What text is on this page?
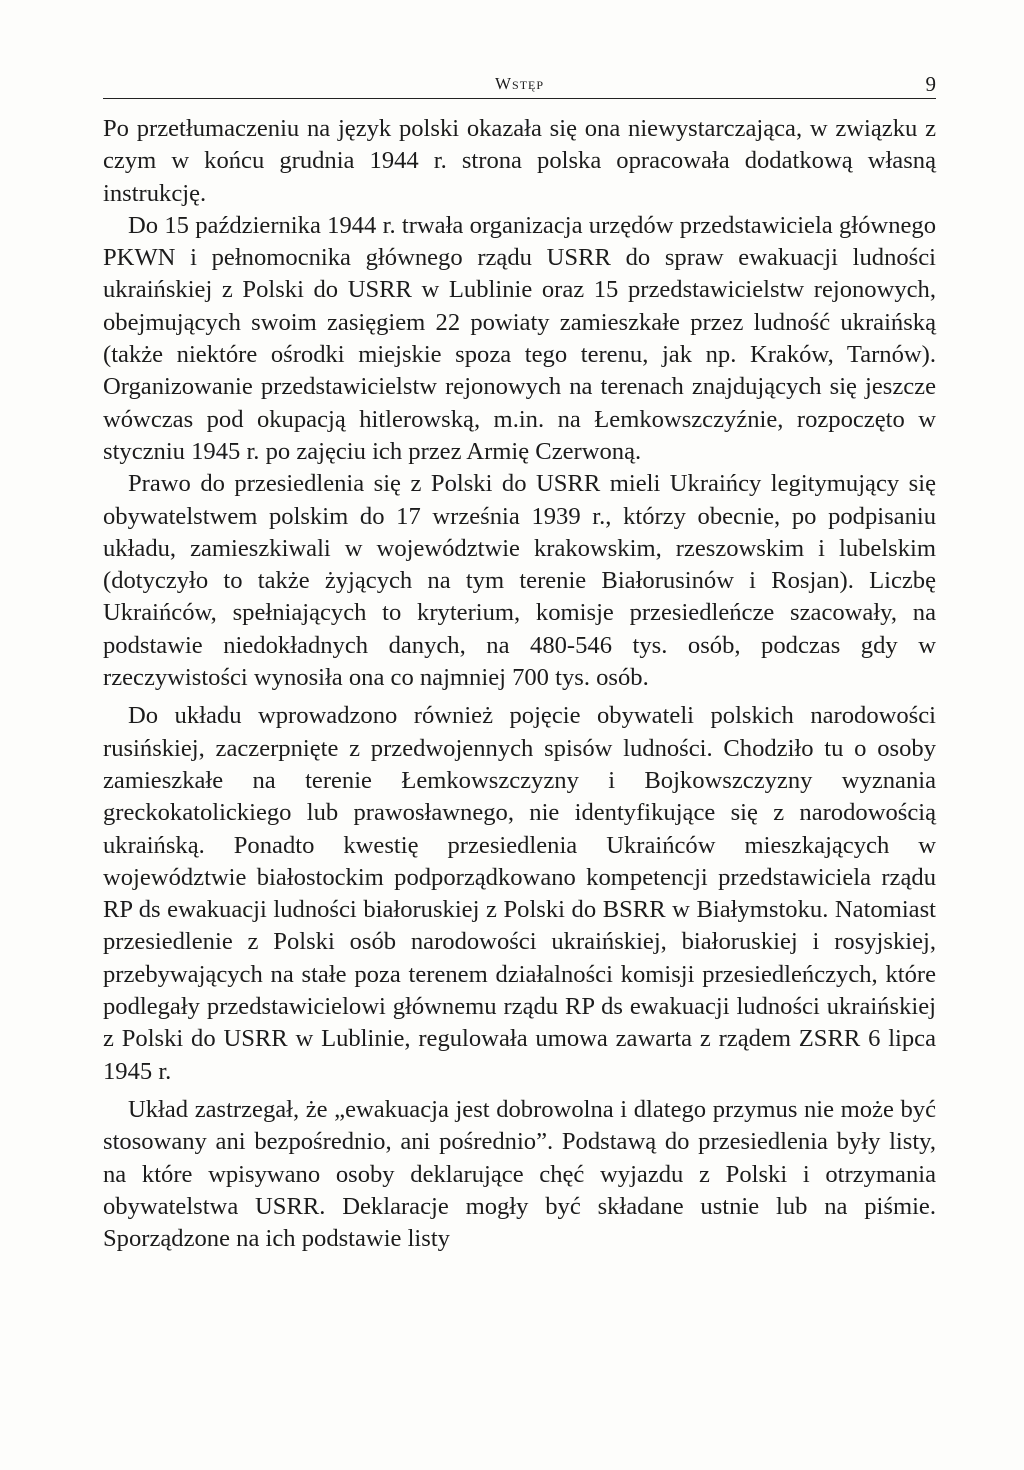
Wstęp	9

Po przetłumaczeniu na język polski okazała się ona niewystarczająca, w związku z czym w końcu grudnia 1944 r. strona polska opracowała dodatkową własną instrukcję.

Do 15 października 1944 r. trwała organizacja urzędów przedstawiciela głównego PKWN i pełnomocnika głównego rządu USRR do spraw ewakuacji ludności ukraińskiej z Polski do USRR w Lublinie oraz 15 przedstawicielstw rejonowych, obejmujących swoim zasięgiem 22 powiaty zamieszkałe przez ludność ukraińską (także niektóre ośrodki miejskie spoza tego terenu, jak np. Kraków, Tarnów). Organizowanie przedstawicielstw rejonowych na terenach znajdujących się jeszcze wówczas pod okupacją hitlerowską, m.in. na Łemkowszczyźnie, rozpoczęto w styczniu 1945 r. po zajęciu ich przez Armię Czerwoną.

Prawo do przesiedlenia się z Polski do USRR mieli Ukraińcy legitymujący się obywatelstwem polskim do 17 września 1939 r., którzy obecnie, po podpisaniu układu, zamieszkiwali w województwie krakowskim, rzeszowskim i lubelskim (dotyczyło to także żyjących na tym terenie Białorusinów i Rosjan). Liczbę Ukraińców, spełniających to kryterium, komisje przesiedleńcze szacowały, na podstawie niedokładnych danych, na 480-546 tys. osób, podczas gdy w rzeczywistości wynosiła ona co najmniej 700 tys. osób.

Do układu wprowadzono również pojęcie obywateli polskich narodowości rusińskiej, zaczerpnięte z przedwojennych spisów ludności. Chodziło tu o osoby zamieszkałe na terenie Łemkowszczyzny i Bojkowszczyzny wyznania greckokatolickiego lub prawosławnego, nie identyfikujące się z narodowością ukraińską. Ponadto kwestię przesiedlenia Ukraińców mieszkających w województwie białostockim podporządkowano kompetencji przedstawiciela rządu RP ds ewakuacji ludności białoruskiej z Polski do BSRR w Białymstoku. Natomiast przesiedlenie z Polski osób narodowości ukraińskiej, białoruskiej i rosyjskiej, przebywających na stałe poza terenem działalności komisji przesiedleńczych, które podlegały przedstawicielowi głównemu rządu RP ds ewakuacji ludności ukraińskiej z Polski do USRR w Lublinie, regulowała umowa zawarta z rządem ZSRR 6 lipca 1945 r.

Układ zastrzegał, że „ewakuacja jest dobrowolna i dlatego przymus nie może być stosowany ani bezpośrednio, ani pośrednio”. Podstawą do przesiedlenia były listy, na które wpisywano osoby deklarujące chęć wyjazdu z Polski i otrzymania obywatelstwa USRR. Deklaracje mogły być składane ustnie lub na piśmie. Sporządzone na ich podstawie listy
